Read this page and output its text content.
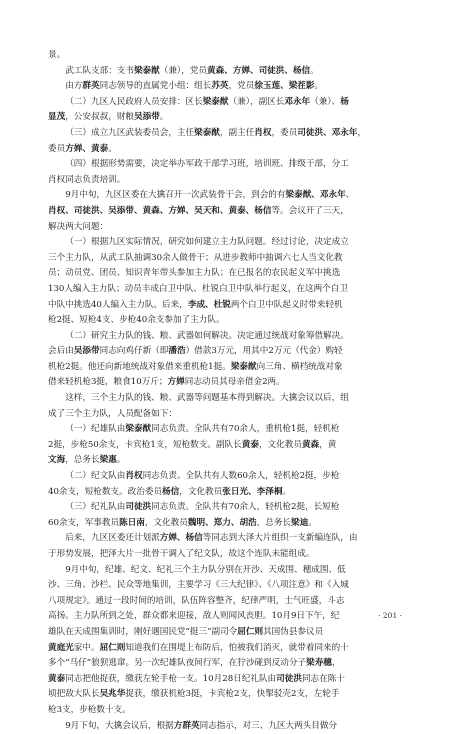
景。

武工队支部：支书梁泰猷（兼），党员黄森、方婵、司徒洪、杨信。

由方群英同志领导的直属党小组：组长苏英，党员徐玉莲、梁茬影。

（二）九区人民政府人员安排：区长梁泰猷（兼），副区长邓永年（兼）、杨

显茂，公安叔叔，财粮吴添带。

（三）成立九区武装委员会，主任梁泰猷，副主任肖权，委员司徒洪、邓永年，

委员方婵、黄泰。

（四）根据形势需要，决定举办军政干部学习班，培训班、排级干部，分工

肖权同志负责培训。

9月中旬，九区区委在大擒召开一次武装骨干会，到会的有梁泰猷、邓永年、

肖权、司徒洪、吴添带、黄森、方婵、吴天和、黄泰、杨信等。会议开了三天，

解决两大问题：

（一）根据九区实际情况，研究如何建立主力队问题。经过讨论，决定成立

三个主力队，从武工队抽调30余人做骨干；从进步教师中抽调六七人当文化教

员；动员党、团员、知识青年带头参加主力队；在已报名的农民起义军中挑选

130人编入主力队；动员丰成白卫中队、杜锐白卫中队举行起义，在这两个白卫

中队中挑选40人编入主力队。后来，李成、杜锐两个白卫中队起义时带来轻机

枪2挺、短枪4支、步枪40余支参加了主力队。

（二）研究主力队的钱、粮、武器如何解决。决定通过统战对象筹借解决。

会后由吴添带同志向鸡仔新（即潘浩）借款3万元，用其中2万元（代金）购轻

机枪2挺。他还向新地统战对象借来重机枪1挺。梁泰猷向三角、横档统战对象

借来轻机枪3挺，粮食10万斤；方婵同志动员其母亲借金2两。

这样，三个主力队的钱、粮、武器等问题基本得到解决。大擒会议以后，组

成了三个主力队，人员配备如下：

（一）纪雄队由梁泰猷同志负责。全队共有70余人，重机枪1挺，轻机枪

2挺，步枪50余支，卡宾枪1支，短枪数支。副队长黄泰，文化教员黄森，黄

文海，总务长梁惠。

（二）纪文队由肖权同志负责。全队共有人数60余人，轻机枪2挺，步枪

40余支，短枪数支。政治委员杨信，文化教员张日光、李泽桐。

（三）纪礼队由司徒洪同志负责。全队共有70余人，轻机枪2挺，长短枪

60余支，军事教员陈日南，文化教员魏明、郑力、胡浩，总务长梁迪。

后来，九区区委还计划派方婵、杨信等同志到大泽大片组织一支新编连队，由

于形势发展，把泽大片一批骨干调入了纪文队，故这个连队未能组成。

9月中旬，纪雄、纪文、纪礼三个主力队分别在开沙、天成围、穗成围、低

沙、三角、沙栏、民众等地集训，主要学习《三大纪律》、《八项注意》和《入城

八项规定》。通过一段时间的培训，队伍阵容整齐，纪律严明，士气旺盛，斗志

高扬。主力队所到之处，群众都来迎接，敌人则闻风丧胆。10月9日下午，纪

雄队在天成围集训时，刚好遇国民党“挺三”副司令屈仁则其国伪县参议员

黄庭光家中。屈仁则知道我们在围堤上布防后，怕被我们消灭，就带着同来的十

多个“马仔”狼狈逃窜。另一次纪雄队夜间行军，在狞沙碰到反动分子梁寿穗，

黄泰同志把他捉获，缴获左轮手枪一支。10月28日纪礼队由司徒洪同志在陈十

顷把敌大队长吴兆华捉获，缴获机枪3挺，卡宾枪2支，快掣驳壳2支，左轮手

枪3支，步枪数十支。

9月下旬，大擒会议后，根据方群英同志指示，对三、九区大两头目做分

· 201 ·
